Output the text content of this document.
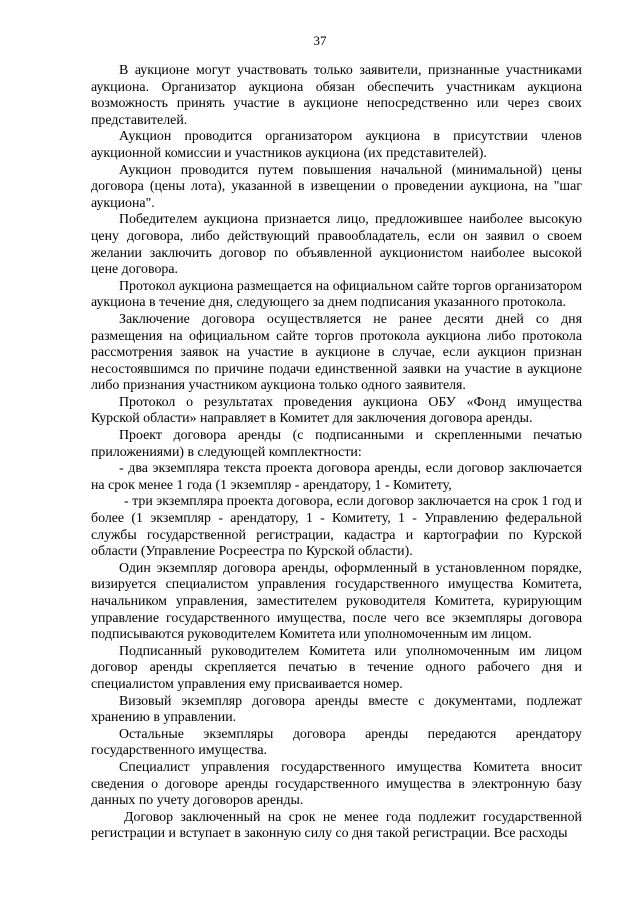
37

В аукционе могут участвовать только заявители, признанные участниками аукциона. Организатор аукциона обязан обеспечить участникам аукциона возможность принять участие в аукционе непосредственно или через своих представителей.

Аукцион проводится организатором аукциона в присутствии членов аукционной комиссии и участников аукциона (их представителей).

Аукцион проводится путем повышения начальной (минимальной) цены договора (цены лота), указанной в извещении о проведении аукциона, на "шаг аукциона".

Победителем аукциона признается лицо, предложившее наиболее высокую цену договора, либо действующий правообладатель, если он заявил о своем желании заключить договор по объявленной аукционистом наиболее высокой цене договора.

Протокол аукциона размещается на официальном сайте торгов организатором аукциона в течение дня, следующего за днем подписания указанного протокола.

Заключение договора осуществляется не ранее десяти дней со дня размещения на официальном сайте торгов протокола аукциона либо протокола рассмотрения заявок на участие в аукционе в случае, если аукцион признан несостоявшимся по причине подачи единственной заявки на участие в аукционе либо признания участником аукциона только одного заявителя.

Протокол о результатах проведения аукциона ОБУ «Фонд имущества Курской области» направляет в Комитет для заключения договора аренды.

Проект договора аренды (с подписанными и скрепленными печатью приложениями) в следующей комплектности:

- два экземпляра текста проекта договора аренды, если договор заключается на срок менее 1 года (1 экземпляр - арендатору, 1 - Комитету,

- три экземпляра проекта договора, если договор заключается на срок 1 год и более (1 экземпляр - арендатору, 1 - Комитету, 1 - Управлению федеральной службы государственной регистрации, кадастра и картографии по Курской области (Управление Росреестра по Курской области).

Один экземпляр договора аренды, оформленный в установленном порядке, визируется специалистом управления государственного имущества Комитета, начальником управления, заместителем руководителя Комитета, курирующим управление государственного имущества, после чего все экземпляры договора подписываются руководителем Комитета или уполномоченным им лицом.

Подписанный руководителем Комитета или уполномоченным им лицом договор аренды скрепляется печатью в течение одного рабочего дня и специалистом управления ему присваивается номер.

Визовый экземпляр договора аренды вместе с документами, подлежат хранению в управлении.

Остальные экземпляры договора аренды передаются арендатору государственного имущества.

Специалист управления государственного имущества Комитета вносит сведения о договоре аренды государственного имущества в электронную базу данных по учету договоров аренды.

Договор заключенный на срок не менее года подлежит государственной регистрации и вступает в законную силу со дня такой регистрации. Все расходы
